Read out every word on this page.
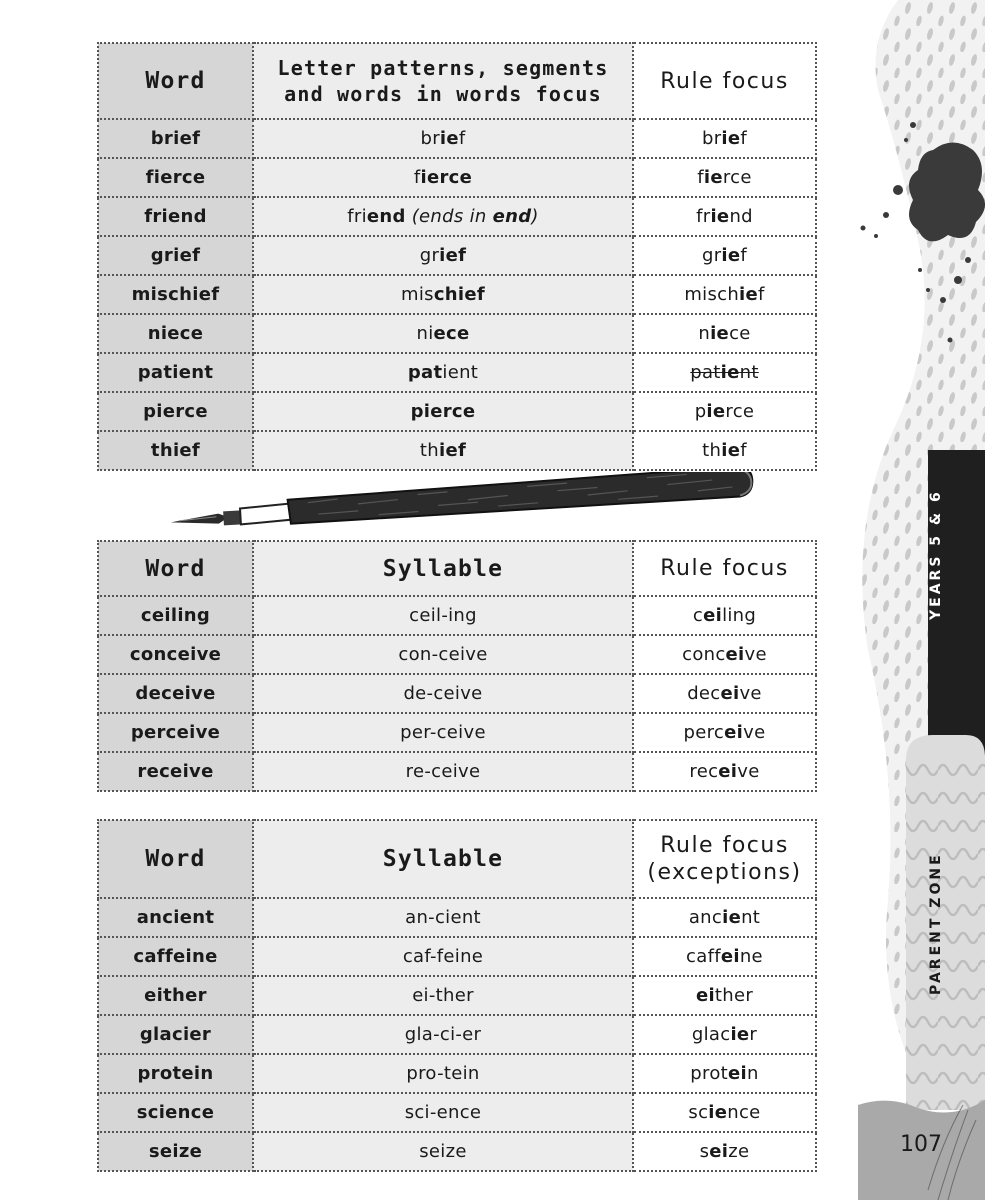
Word	Letter patterns, segments and words in words focus	Rule focus
brief	brief	brief
fierce	fierce	fierce
friend	friend (ends in end)	friend
grief	grief	grief
mischief	mischief	mischief
niece	niece	niece
patient	patient	patient
pierce	pierce	pierce
thief	thief	thief
Word	Syllable	Rule focus
ceiling	ceil-ing	ceiling
conceive	con-ceive	conceive
deceive	de-ceive	deceive
perceive	per-ceive	perceive
receive	re-ceive	receive
Word	Syllable	Rule focus (exceptions)
ancient	an-cient	ancient
caffeine	caf-feine	caffeine
either	ei-ther	either
glacier	gla-ci-er	glacier
protein	pro-tein	protein
science	sci-ence	science
seize	seize	seize
YEARS 5 & 6
PARENT ZONE
107
